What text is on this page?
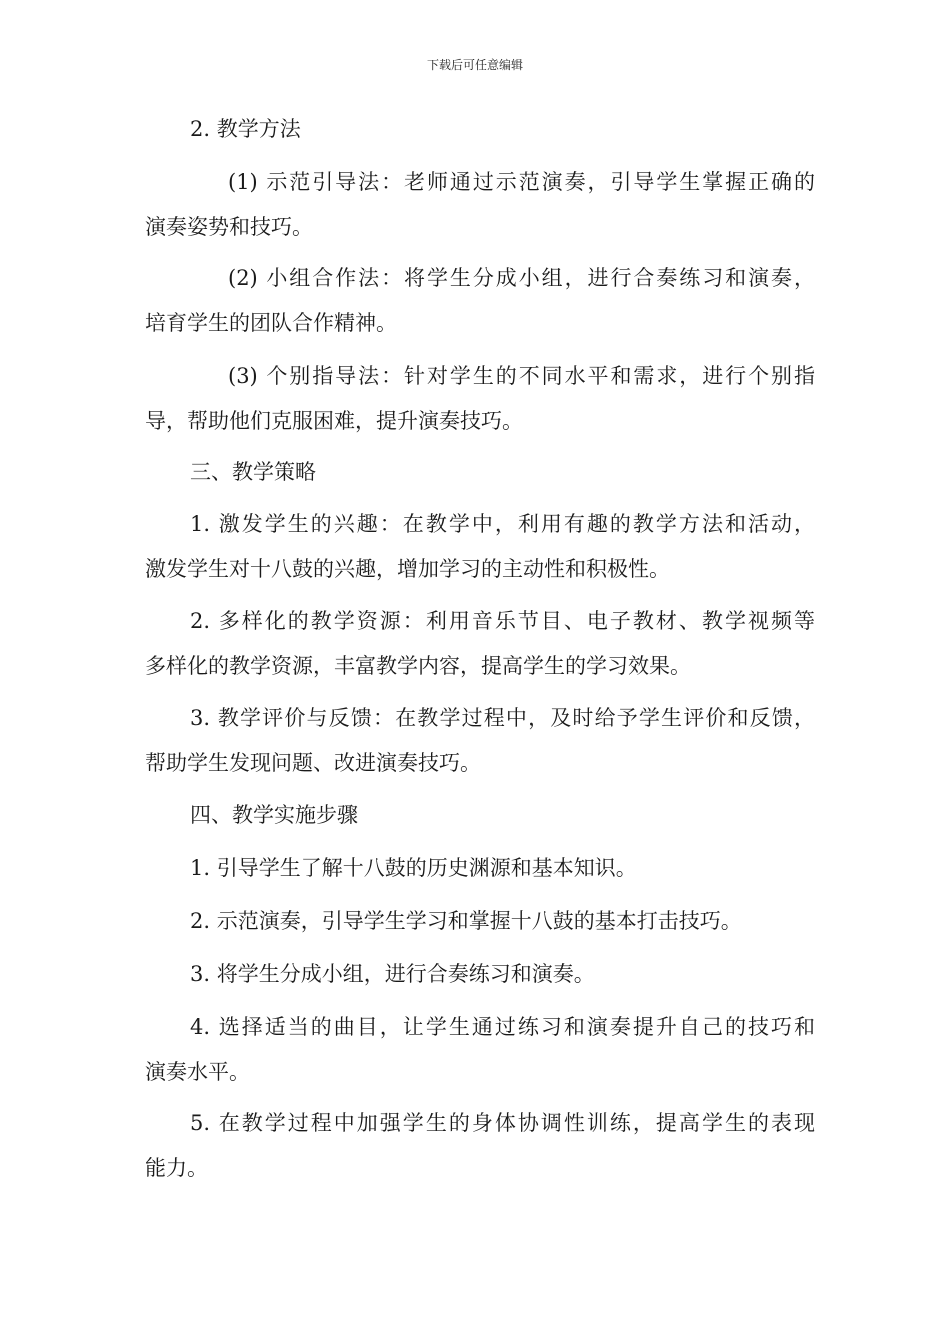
下载后可任意编辑

2. 教学方法

(1) 示范引导法：老师通过示范演奏，引导学生掌握正确的
演奏姿势和技巧。

(2) 小组合作法：将学生分成小组，进行合奏练习和演奏，
培育学生的团队合作精神。

(3) 个别指导法：针对学生的不同水平和需求，进行个别指
导，帮助他们克服困难，提升演奏技巧。

三、教学策略

1. 激发学生的兴趣：在教学中，利用有趣的教学方法和活动，
激发学生对十八鼓的兴趣，增加学习的主动性和积极性。

2. 多样化的教学资源：利用音乐节目、电子教材、教学视频等
多样化的教学资源，丰富教学内容，提高学生的学习效果。

3. 教学评价与反馈：在教学过程中，及时给予学生评价和反馈，
帮助学生发现问题、改进演奏技巧。

四、教学实施步骤

1. 引导学生了解十八鼓的历史渊源和基本知识。

2. 示范演奏，引导学生学习和掌握十八鼓的基本打击技巧。

3. 将学生分成小组，进行合奏练习和演奏。

4. 选择适当的曲目，让学生通过练习和演奏提升自己的技巧和
演奏水平。

5. 在教学过程中加强学生的身体协调性训练，提高学生的表现
能力。
